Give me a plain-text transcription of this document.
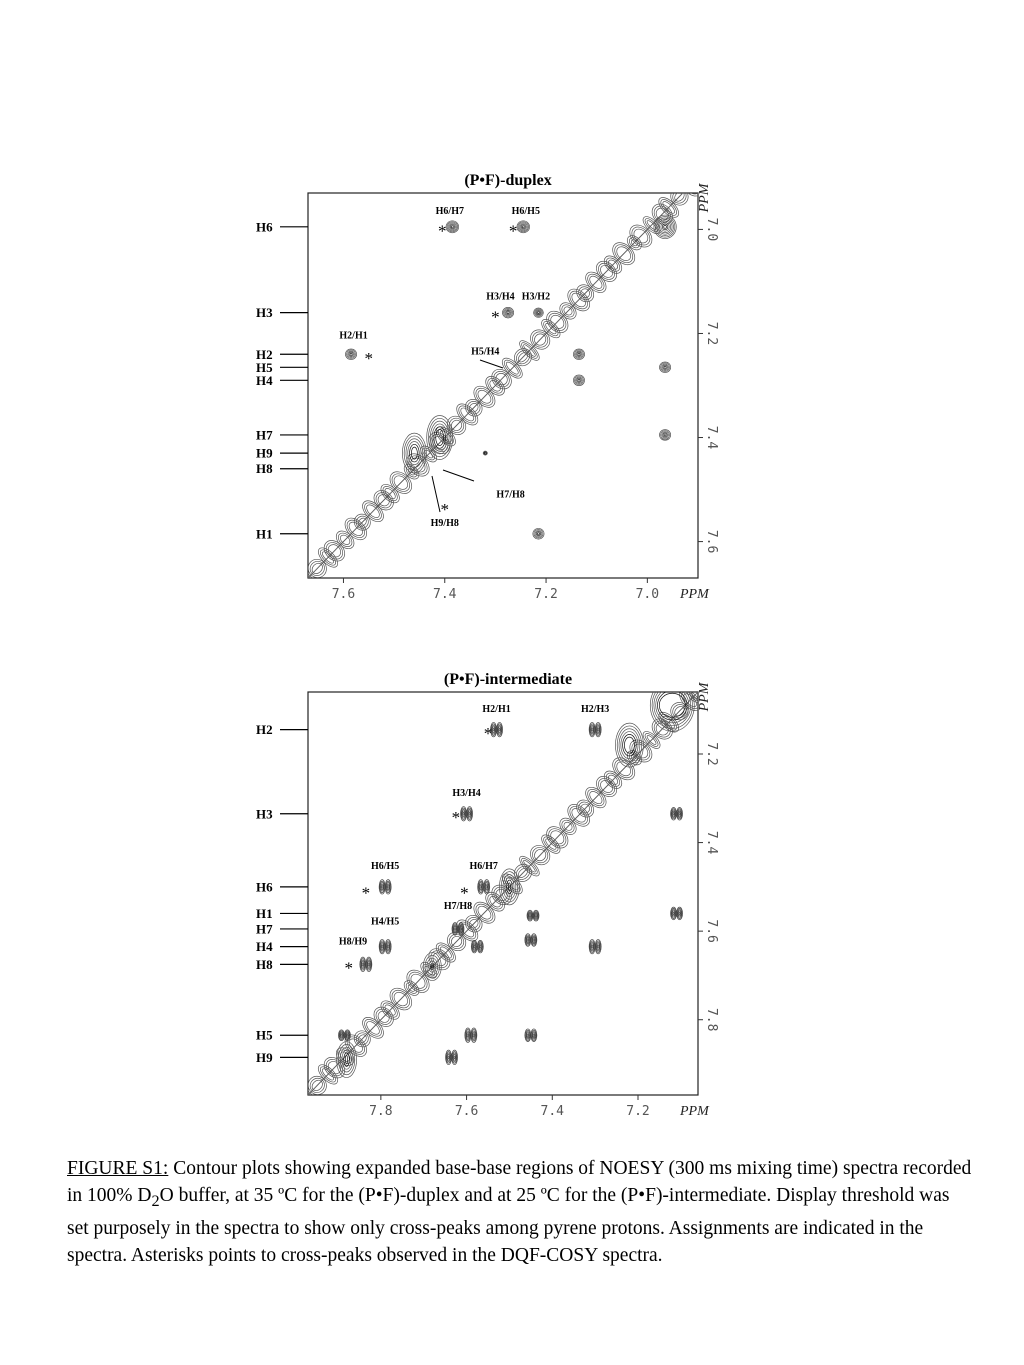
(P•F)-duplex
7.6	7.4	7.2	7.0 PPM
7.0
7.2
7.4
7.6
PPM
H6
H3
H2
H5
H4
H7
H9
H8
H1
H6/H7	H6/H5
H3/H4 H3/H2
H2/H1
H5/H4
H7/H8
H9/H8
*	*
*
*
*
(P•F)-intermediate
7.8	7.6	7.4	7.2 PPM
7.2
7.4
7.6
7.8
PPM
H2
H3
H6
H1
H7
H4
H8
H5
H9
H2/H1	H2/H3
H3/H4
H6/H5	H6/H7
H7/H8
H4/H5
H8/H9
*
*
*	*
*
FIGURE S1: Contour plots showing expanded base-base regions of NOESY (300 ms mixing time) spectra recorded in 100% $D_2O$ buffer, at 35 ºC for the (P•F)-duplex and at 25 ºC for the (P•F)-intermediate. Display threshold was set purposely in the spectra to show only cross-peaks among pyrene protons. Assignments are indicated in the spectra. Asterisks points to cross-peaks observed in the DQF-COSY spectra.
